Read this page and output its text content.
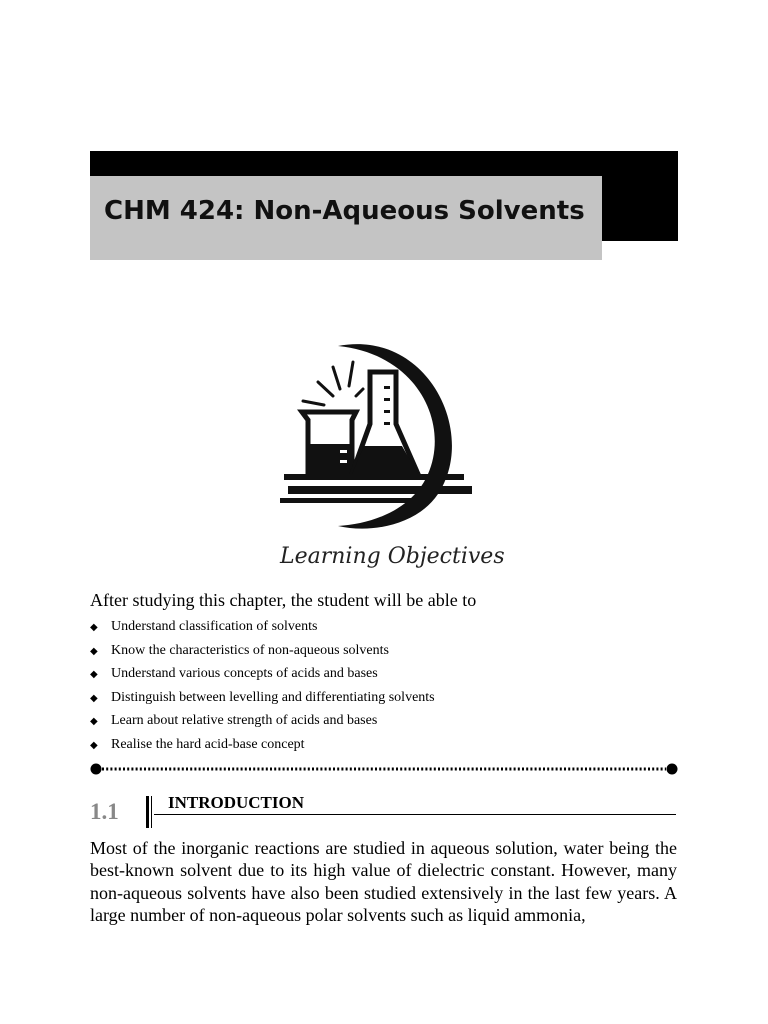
CHM 424: Non-Aqueous Solvents
Learning Objectives
After studying this chapter, the student will be able to
◆ Understand classification of solvents
◆ Know the characteristics of non-aqueous solvents
◆ Understand various concepts of acids and bases
◆ Distinguish between levelling and differentiating solvents
◆ Learn about relative strength of acids and bases
◆ Realise the hard acid-base concept
1.1	INTRODUCTION
Most of the inorganic reactions are studied in aqueous solution, water being the best-known solvent due to its high value of dielectric constant. However, many non-aqueous solvents have also been studied extensively in the last few years. A large number of non-aqueous polar solvents such as liquid ammonia,
